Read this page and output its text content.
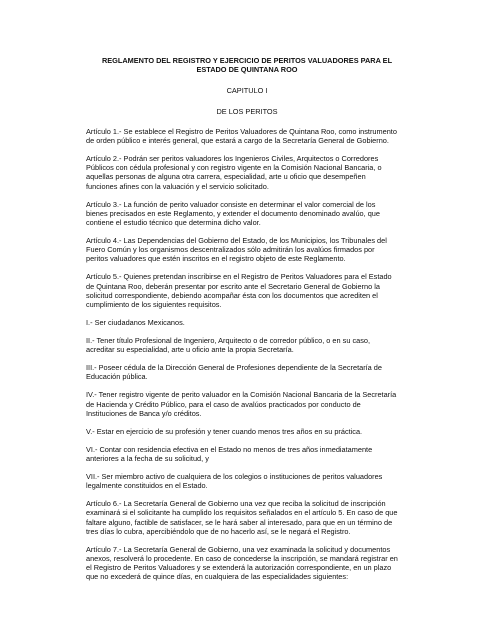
REGLAMENTO DEL REGISTRO Y EJERCICIO DE PERITOS VALUADORES PARA EL
ESTADO DE QUINTANA ROO
CAPITULO I
DE LOS PERITOS
Artículo 1.- Se establece el Registro de Peritos Valuadores de Quintana Roo, como instrumento
de orden público e interés general, que estará a cargo de la Secretaría General de Gobierno.
Artículo 2.- Podrán ser peritos valuadores los Ingenieros Civiles, Arquitectos o Corredores
Públicos con cédula profesional y con registro vigente en la Comisión Nacional Bancaria, o
aquellas personas de alguna otra carrera, especialidad, arte u oficio que desempeñen
funciones afines con la valuación y el servicio solicitado.
Artículo 3.- La función de perito valuador consiste en determinar el valor comercial de los
bienes precisados en este Reglamento, y extender el documento denominado avalúo, que
contiene el estudio técnico que determina dicho valor.
Artículo 4.- Las Dependencias del Gobierno del Estado, de los Municipios, los Tribunales del
Fuero Común y los organismos descentralizados sólo admitirán los avalúos firmados por
peritos valuadores que estén inscritos en el registro objeto de este Reglamento.
Artículo 5.- Quienes pretendan inscribirse en el Registro de Peritos Valuadores para el Estado
de Quintana Roo, deberán presentar por escrito ante el Secretario General de Gobierno la
solicitud correspondiente, debiendo acompañar ésta con los documentos que acrediten el
cumplimiento de los siguientes requisitos.
I.- Ser ciudadanos Mexicanos.
II.- Tener título Profesional de Ingeniero, Arquitecto o de corredor público, o en su caso,
acreditar su especialidad, arte u oficio ante la propia Secretaría.
III.- Poseer cédula de la Dirección General de Profesiones dependiente de la Secretaría de
Educación pública.
IV.- Tener registro vigente de perito valuador en la Comisión Nacional Bancaria de la Secretaría
de Hacienda y Crédito Público, para el caso de avalúos practicados por conducto de
Instituciones de Banca y/o créditos.
V.- Estar en ejercicio de su profesión y tener cuando menos tres años en su práctica.
VI.- Contar con residencia efectiva en el Estado no menos de tres años inmediatamente
anteriores a la fecha de su solicitud, y
VII.- Ser miembro activo de cualquiera de los colegios o instituciones de peritos valuadores
legalmente constituidos en el Estado.
Artículo 6.- La Secretaría General de Gobierno una vez que reciba la solicitud de inscripción
examinará si el solicitante ha cumplido los requisitos señalados en el artículo 5. En caso de que
faltare alguno, factible de satisfacer, se le hará saber al interesado, para que en un término de
tres días lo cubra, apercibiéndolo que de no hacerlo así, se le negará el Registro.
Artículo 7.- La Secretaría General de Gobierno, una vez examinada la solicitud y documentos
anexos, resolverá lo procedente. En caso de concederse la inscripción, se mandará registrar en
el Registro de Peritos Valuadores y se extenderá la autorización correspondiente, en un plazo
que no excederá de quince días, en cualquiera de las especialidades siguientes:
